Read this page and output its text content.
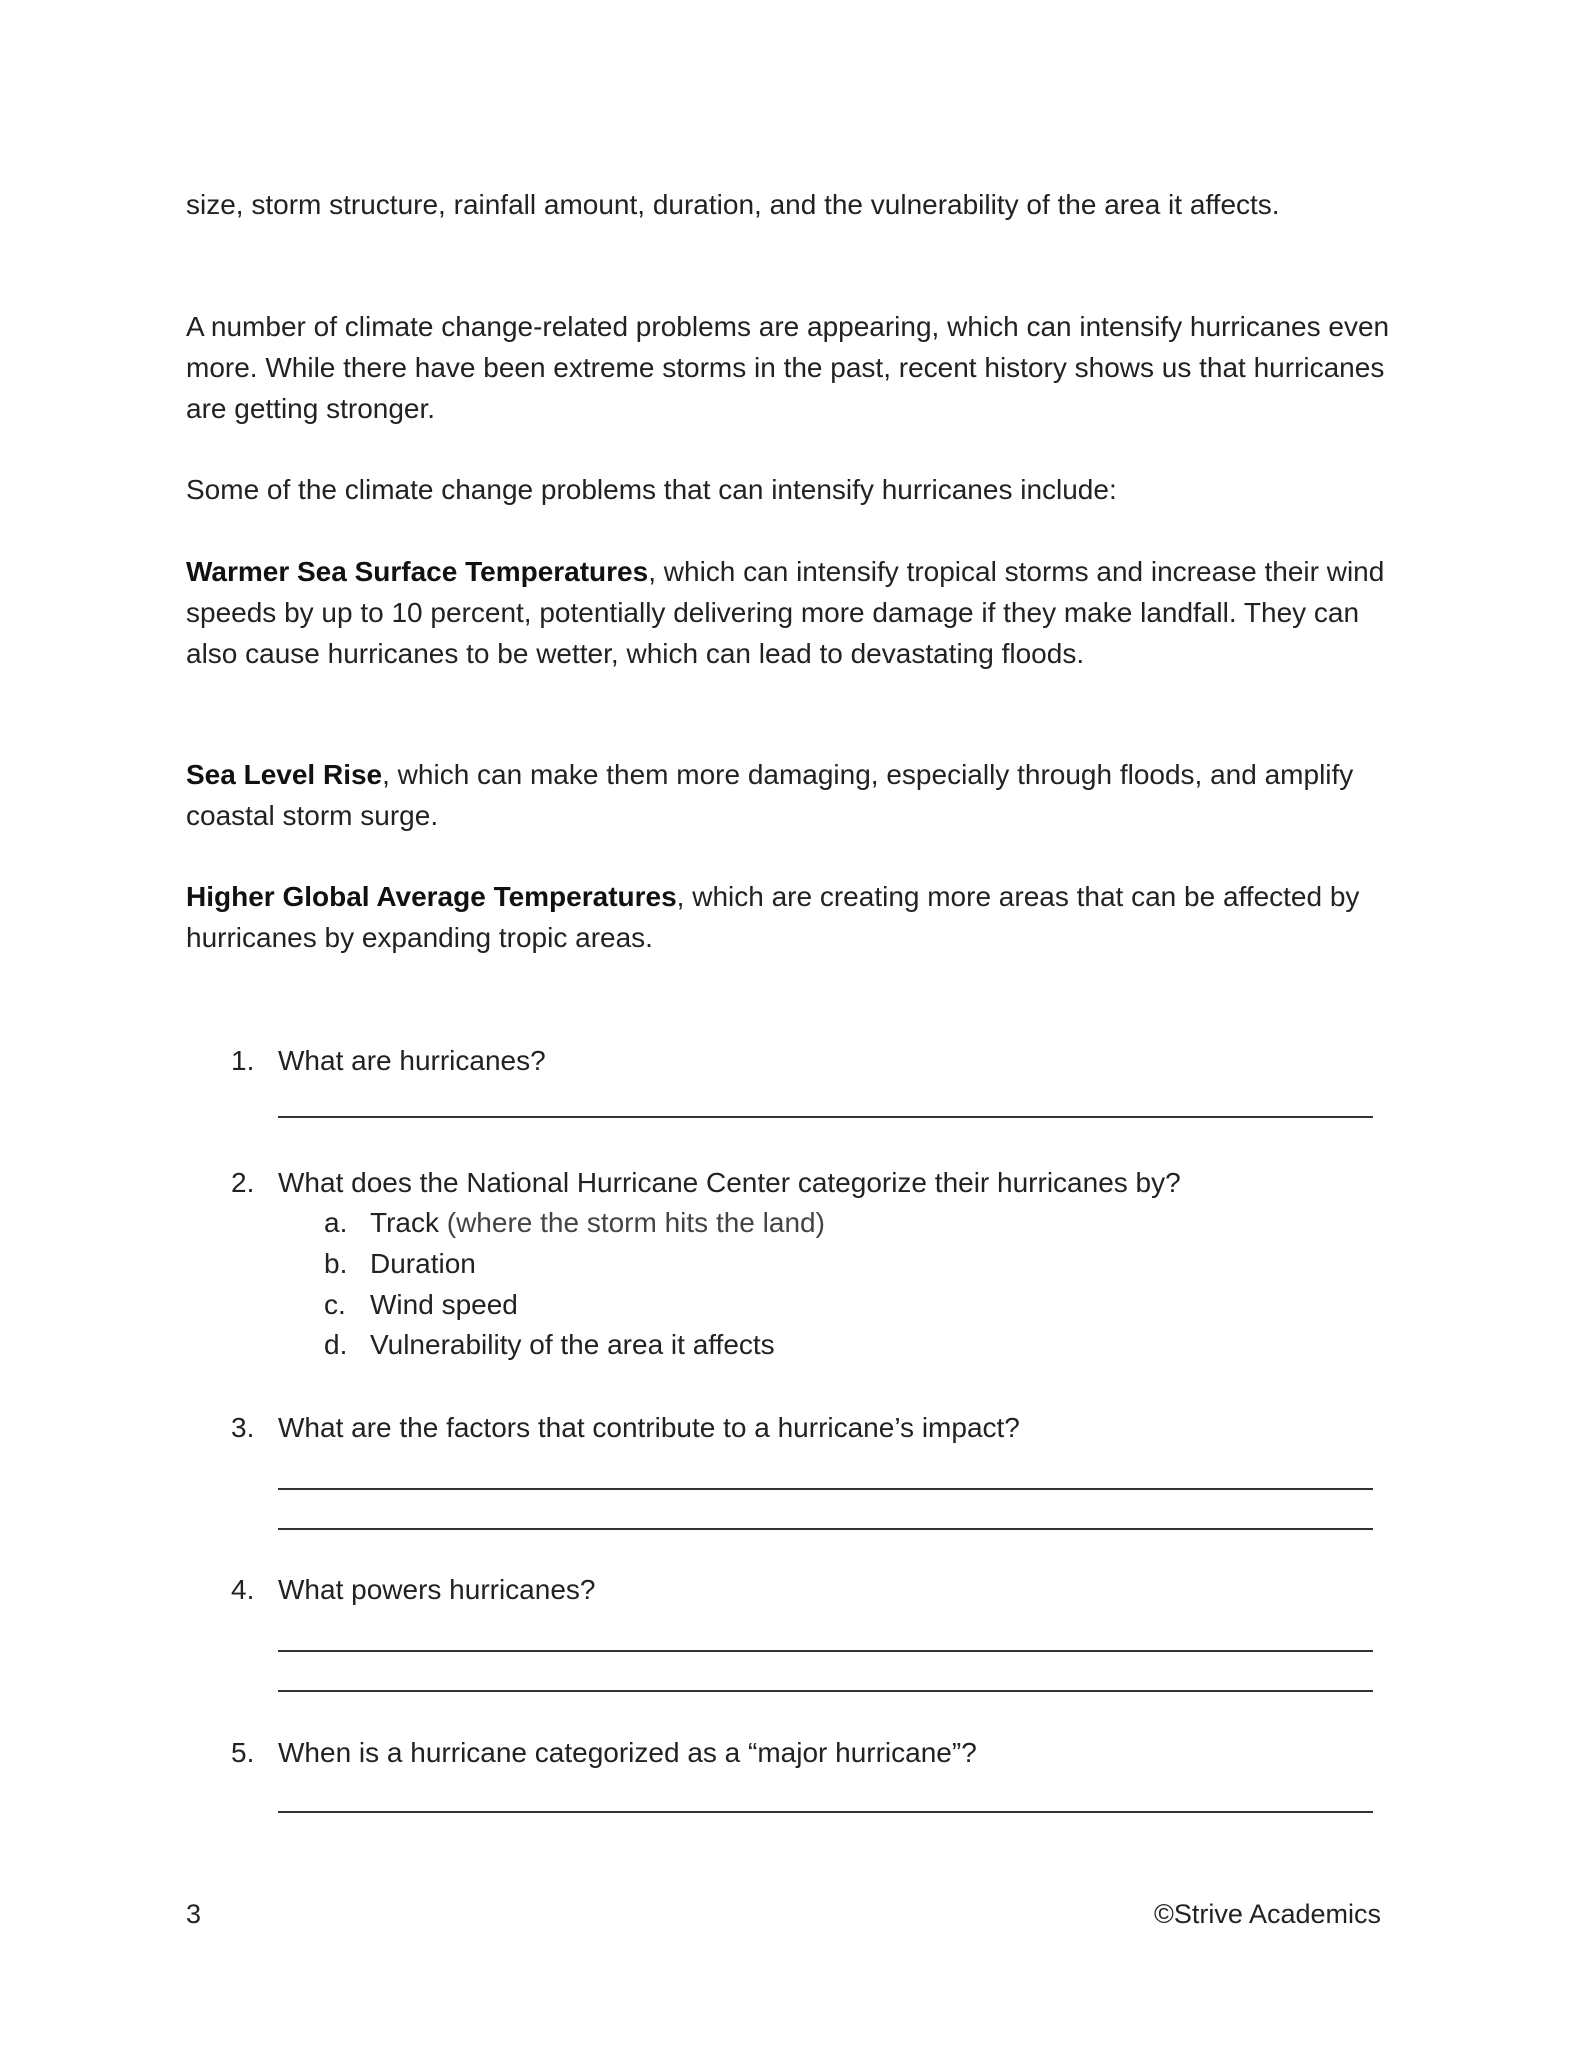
size, storm structure, rainfall amount, duration, and the vulnerability of the area it affects.
A number of climate change-related problems are appearing, which can intensify hurricanes even more. While there have been extreme storms in the past, recent history shows us that hurricanes are getting stronger.
Some of the climate change problems that can intensify hurricanes include:
Warmer Sea Surface Temperatures, which can intensify tropical storms and increase their wind speeds by up to 10 percent, potentially delivering more damage if they make landfall. They can also cause hurricanes to be wetter, which can lead to devastating floods.
Sea Level Rise, which can make them more damaging, especially through floods, and amplify coastal storm surge.
Higher Global Average Temperatures, which are creating more areas that can be affected by hurricanes by expanding tropic areas.
1. What are hurricanes?
2. What does the National Hurricane Center categorize their hurricanes by?
a. Track (where the storm hits the land)
b. Duration
c. Wind speed
d. Vulnerability of the area it affects
3. What are the factors that contribute to a hurricane’s impact?
4. What powers hurricanes?
5. When is a hurricane categorized as a “major hurricane”?
3	©Strive Academics
